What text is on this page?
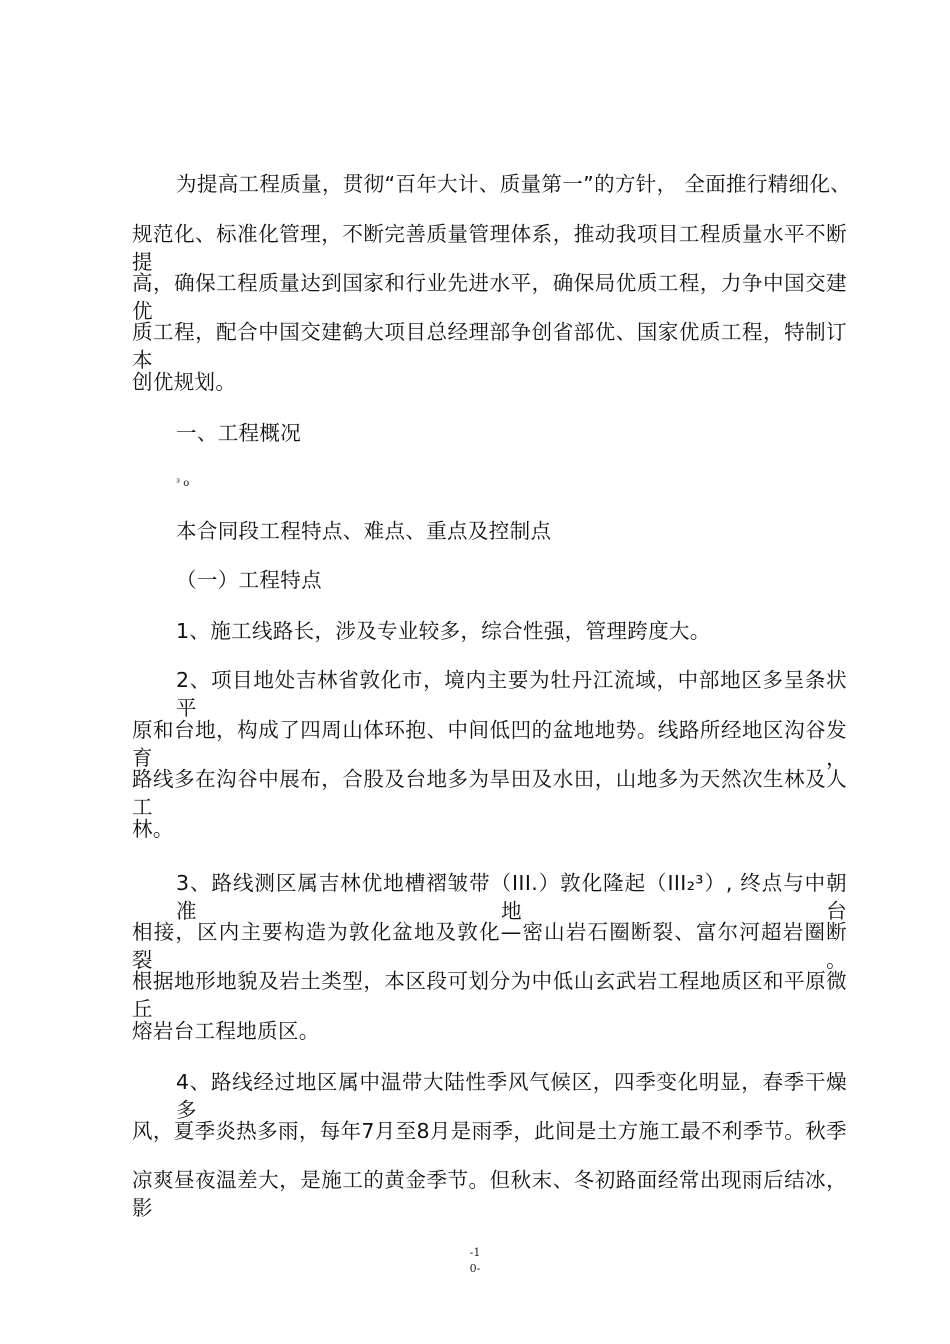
为提高工程质量，贯彻“百年大计、质量第一”的方针， 全面推行精细化、
规范化、标准化管理，不断完善质量管理体系，推动我项目工程质量水平不断提
高，确保工程质量达到国家和行业先进水平，确保局优质工程，力争中国交建优
质工程，配合中国交建鹤大项目总经理部争创省部优、国家优质工程，特制订本
创优规划。
一、工程概况
³ o
本合同段工程特点、难点、重点及控制点
（一）工程特点
1、施工线路长，涉及专业较多，综合性强，管理跨度大。
2、项目地处吉林省敦化市，境内主要为牡丹江流域，中部地区多呈条状平
原和台地，构成了四周山体环抱、中间低凹的盆地地势。线路所经地区沟谷发育，
路线多在沟谷中展布，合股及台地多为旱田及水田，山地多为天然次生林及人工
林。
3、路线测区属吉林优地槽褶皱带（III.）敦化隆起（III₂³）, 终点与中朝准地台
相接，区内主要构造为敦化盆地及敦化—密山岩石圈断裂、富尔河超岩圈断裂。
根据地形地貌及岩土类型，本区段可划分为中低山玄武岩工程地质区和平原微丘
熔岩台工程地质区。
4、路线经过地区属中温带大陆性季风气候区，四季变化明显，春季干燥多
风，夏季炎热多雨，每年7月至8月是雨季，此间是土方施工最不利季节。秋季
凉爽昼夜温差大，是施工的黄金季节。但秋末、冬初路面经常出现雨后结冰，影
-1
0-
